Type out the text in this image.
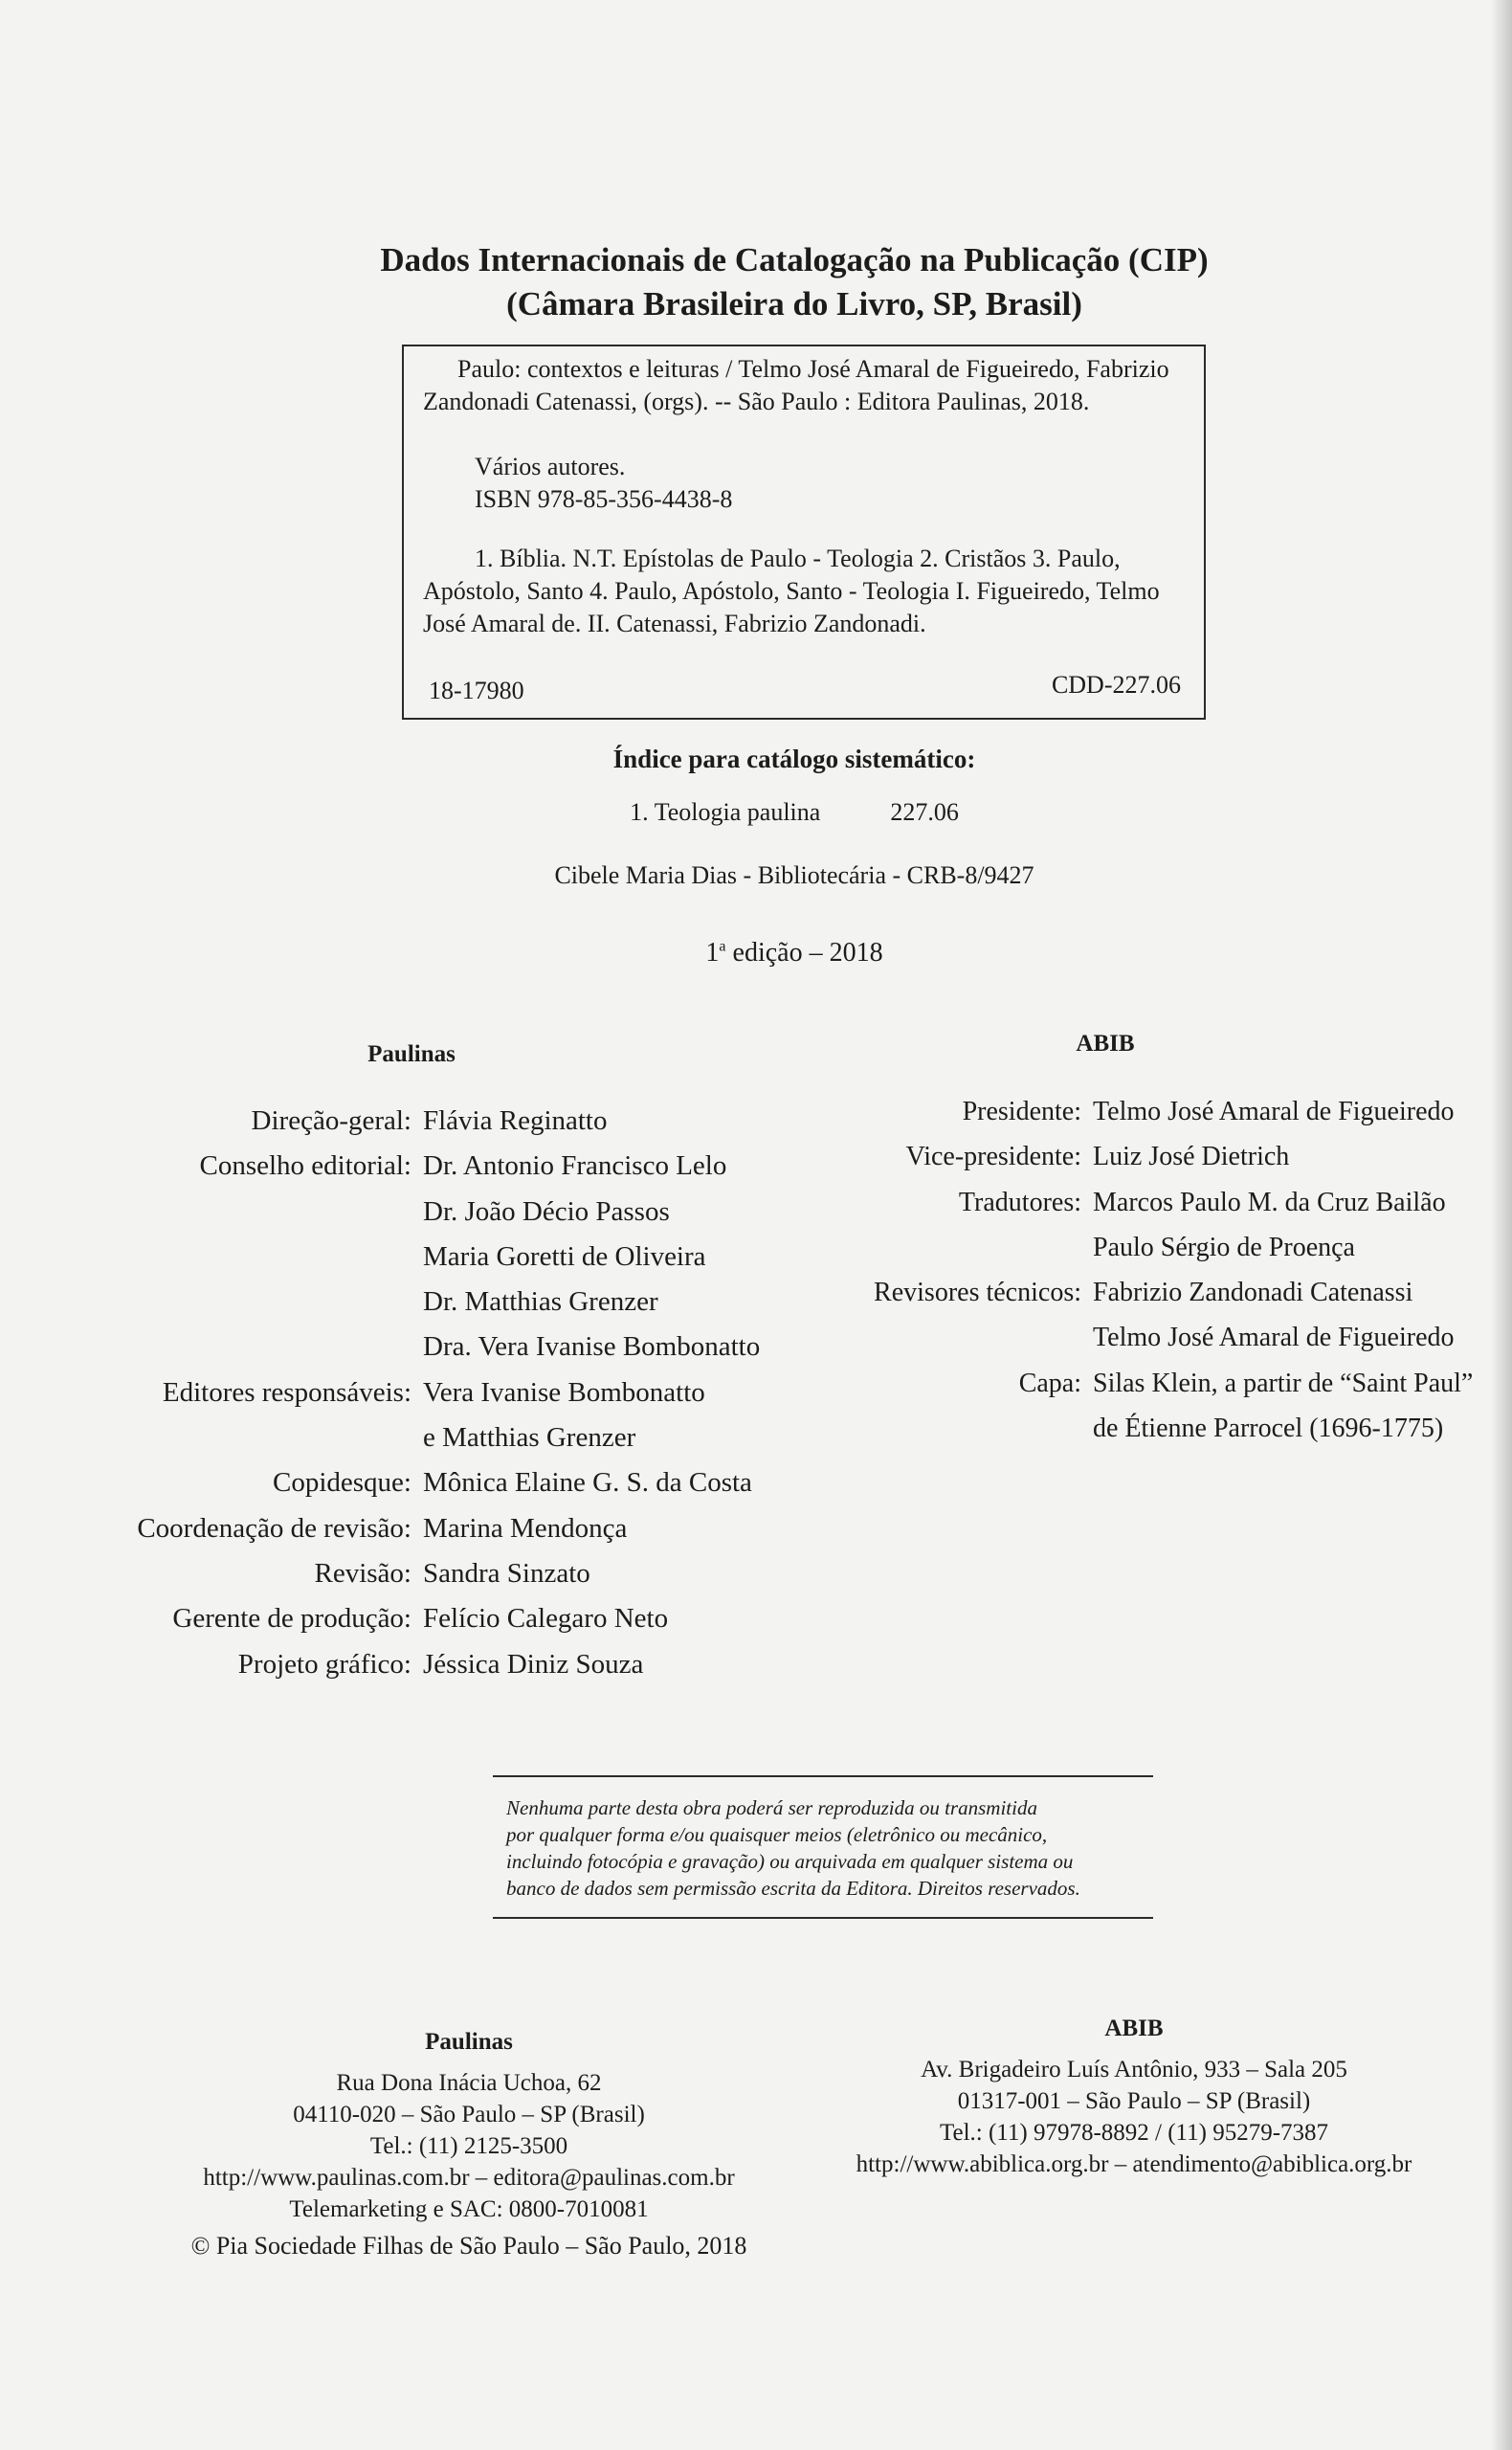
Dados Internacionais de Catalogação na Publicação (CIP)
(Câmara Brasileira do Livro, SP, Brasil)
Paulo: contextos e leituras / Telmo José Amaral de Figueiredo, Fabrizio
Zandonadi Catenassi, (orgs). -- São Paulo : Editora Paulinas, 2018.
Vários autores.
ISBN 978-85-356-4438-8
1. Bíblia. N.T. Epístolas de Paulo - Teologia 2. Cristãos 3. Paulo,
Apóstolo, Santo 4. Paulo, Apóstolo, Santo - Teologia I. Figueiredo, Telmo
José Amaral de. II. Catenassi, Fabrizio Zandonadi.
18-17980	CDD-227.06
Índice para catálogo sistemático:
1. Teologia paulina	227.06
Cibele Maria Dias - Bibliotecária - CRB-8/9427
1$^a$ edição – 2018
Paulinas	ABIB
Direção-geral: Flávia Reginatto
Conselho editorial: Dr. Antonio Francisco Lelo
Dr. João Décio Passos
Maria Goretti de Oliveira
Dr. Matthias Grenzer
Dra. Vera Ivanise Bombonatto
Editores responsáveis: Vera Ivanise Bombonatto
e Matthias Grenzer
Copidesque: Mônica Elaine G. S. da Costa
Coordenação de revisão: Marina Mendonça
Revisão: Sandra Sinzato
Gerente de produção: Felício Calegaro Neto
Projeto gráfico: Jéssica Diniz Souza
Presidente: Telmo José Amaral de Figueiredo
Vice-presidente: Luiz José Dietrich
Tradutores: Marcos Paulo M. da Cruz Bailão
Paulo Sérgio de Proença
Revisores técnicos: Fabrizio Zandonadi Catenassi
Telmo José Amaral de Figueiredo
Capa: Silas Klein, a partir de “Saint Paul”
de Étienne Parrocel (1696-1775)
Nenhuma parte desta obra poderá ser reproduzida ou transmitida
por qualquer forma e/ou quaisquer meios (eletrônico ou mecânico,
incluindo fotocópia e gravação) ou arquivada em qualquer sistema ou
banco de dados sem permissão escrita da Editora. Direitos reservados.
Paulinas
Rua Dona Inácia Uchoa, 62
04110-020 – São Paulo – SP (Brasil)
Tel.: (11) 2125-3500
http://www.paulinas.com.br – editora@paulinas.com.br
Telemarketing e SAC: 0800-7010081
ABIB
Av. Brigadeiro Luís Antônio, 933 – Sala 205
01317-001 – São Paulo – SP (Brasil)
Tel.: (11) 97978-8892 / (11) 95279-7387
http://www.abiblica.org.br – atendimento@abiblica.org.br
© Pia Sociedade Filhas de São Paulo – São Paulo, 2018
